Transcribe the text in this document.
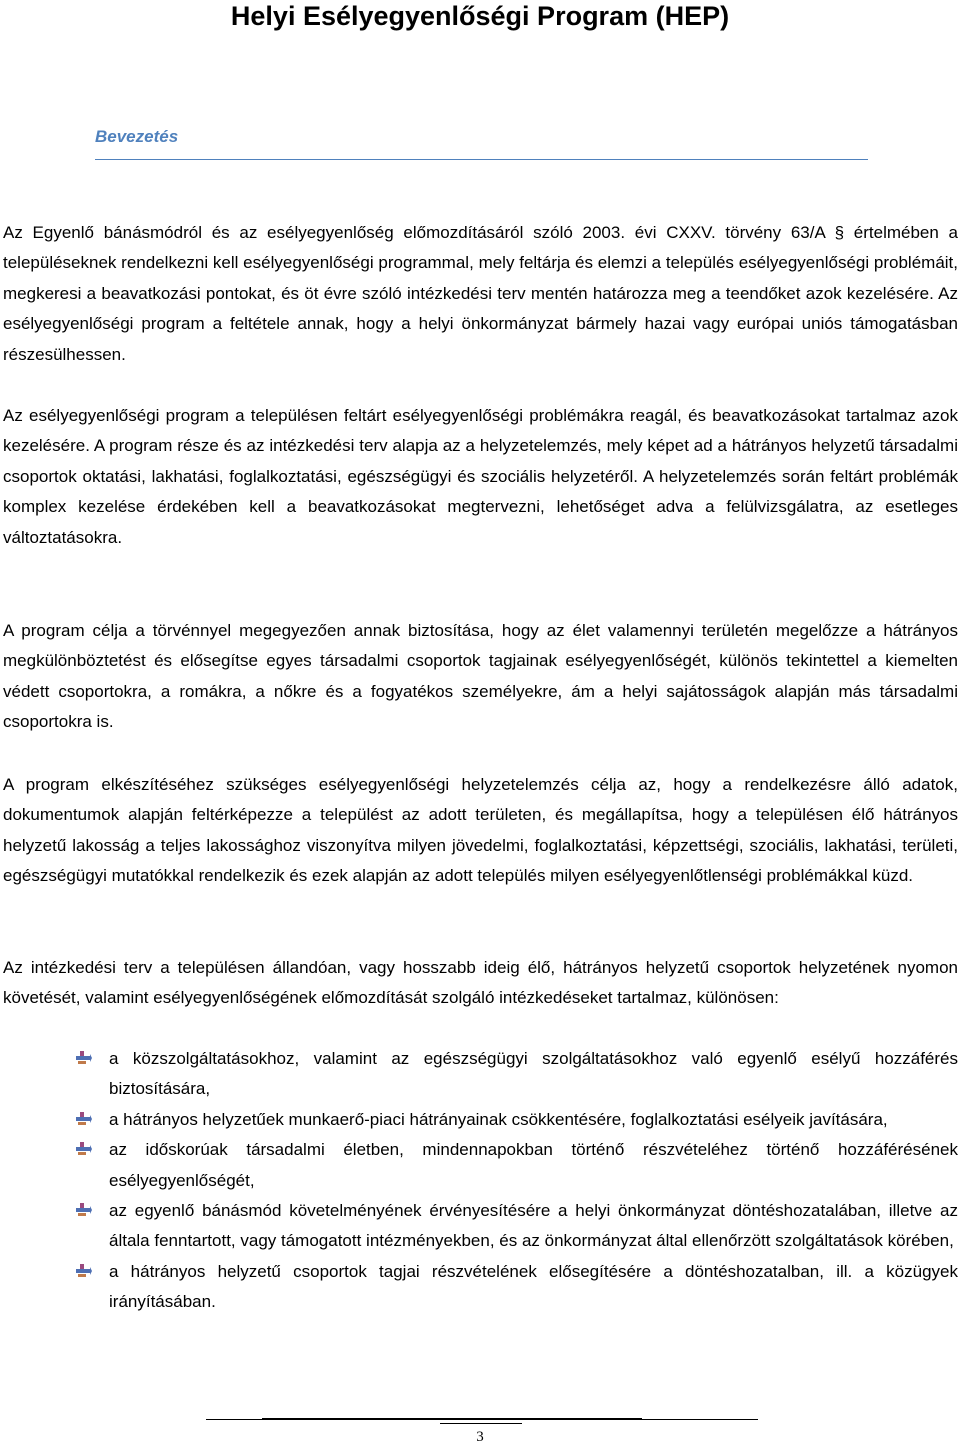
Helyi Esélyegyenlőségi Program (HEP)
Bevezetés

Az Egyenlő bánásmódról és az esélyegyenlőség előmozdításáról szóló 2003. évi CXXV. törvény 63/A § értelmében a településeknek rendelkezni kell esélyegyenlőségi programmal, mely feltárja és elemzi a település esélyegyenlőségi problémáit, megkeresi a beavatkozási pontokat, és öt évre szóló intézkedési terv mentén határozza meg a teendőket azok kezelésére. Az esélyegyenlőségi program a feltétele annak, hogy a helyi önkormányzat bármely hazai vagy európai uniós támogatásban részesülhessen.

Az esélyegyenlőségi program a településen feltárt esélyegyenlőségi problémákra reagál, és beavatkozásokat tartalmaz azok kezelésére. A program része és az intézkedési terv alapja az a helyzetelemzés, mely képet ad a hátrányos helyzetű társadalmi csoportok oktatási, lakhatási, foglalkoztatási, egészségügyi és szociális helyzetéről. A helyzetelemzés során feltárt problémák komplex kezelése érdekében kell a beavatkozásokat megtervezni, lehetőséget adva a felülvizsgálatra, az esetleges változtatásokra.

A program célja a törvénnyel megegyezően annak biztosítása, hogy az élet valamennyi területén megelőzze a hátrányos megkülönböztetést és elősegítse egyes társadalmi csoportok tagjainak esélyegyenlőségét, különös tekintettel a kiemelten védett csoportokra, a romákra, a nőkre és a fogyatékos személyekre, ám a helyi sajátosságok alapján más társadalmi csoportokra is.

A program elkészítéséhez szükséges esélyegyenlőségi helyzetelemzés célja az, hogy a rendelkezésre álló adatok, dokumentumok alapján feltérképezze a települést az adott területen, és megállapítsa, hogy a településen élő hátrányos helyzetű lakosság a teljes lakossághoz viszonyítva milyen jövedelmi, foglalkoztatási, képzettségi, szociális, lakhatási, területi, egészségügyi mutatókkal rendelkezik és ezek alapján az adott település milyen esélyegyenlőtlenségi problémákkal küzd.

Az intézkedési terv a településen állandóan, vagy hosszabb ideig élő, hátrányos helyzetű csoportok helyzetének nyomon követését, valamint esélyegyenlőségének előmozdítását szolgáló intézkedéseket tartalmaz, különösen:

a közszolgáltatásokhoz, valamint az egészségügyi szolgáltatásokhoz való egyenlő esélyű hozzáférés biztosítására,
a hátrányos helyzetűek munkaerő-piaci hátrányainak csökkentésére, foglalkoztatási esélyeik javítására,
az időskorúak társadalmi életben, mindennapokban történő részvételéhez történő hozzáférésének esélyegyenlőségét,
az egyenlő bánásmód követelményének érvényesítésére a helyi önkormányzat döntéshozatalában, illetve az általa fenntartott, vagy támogatott intézményekben, és az önkormányzat által ellenőrzött szolgáltatások körében,
a hátrányos helyzetű csoportok tagjai részvételének elősegítésére a döntéshozatalban, ill. a közügyek irányításában.
3
